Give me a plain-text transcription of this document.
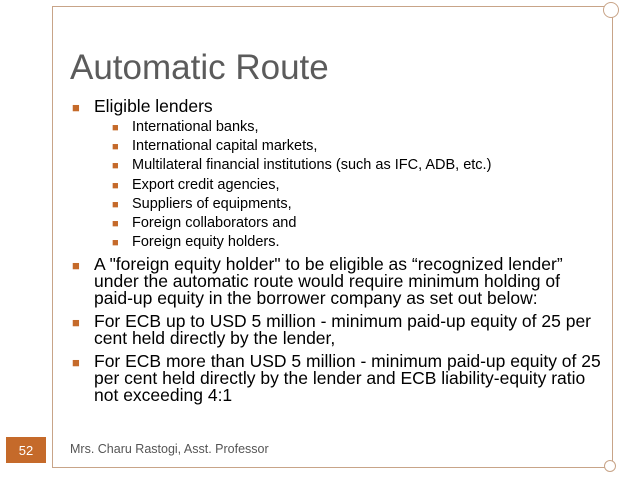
Automatic Route
■ Eligible lenders
■ International banks,
■ International capital markets,
■ Multilateral financial institutions (such as IFC, ADB, etc.)
■ Export credit agencies,
■ Suppliers of equipments,
■ Foreign collaborators and
■ Foreign equity holders.
■ A "foreign equity holder" to be eligible as “recognized lender” under the automatic route would require minimum holding of paid-up equity in the borrower company as set out below:
■ For ECB up to USD 5 million - minimum paid-up equity of 25 per cent held directly by the lender,
■ For ECB more than USD 5 million - minimum paid-up equity of 25 per cent held directly by the lender and ECB liability-equity ratio not exceeding 4:1
52	Mrs. Charu Rastogi, Asst. Professor
